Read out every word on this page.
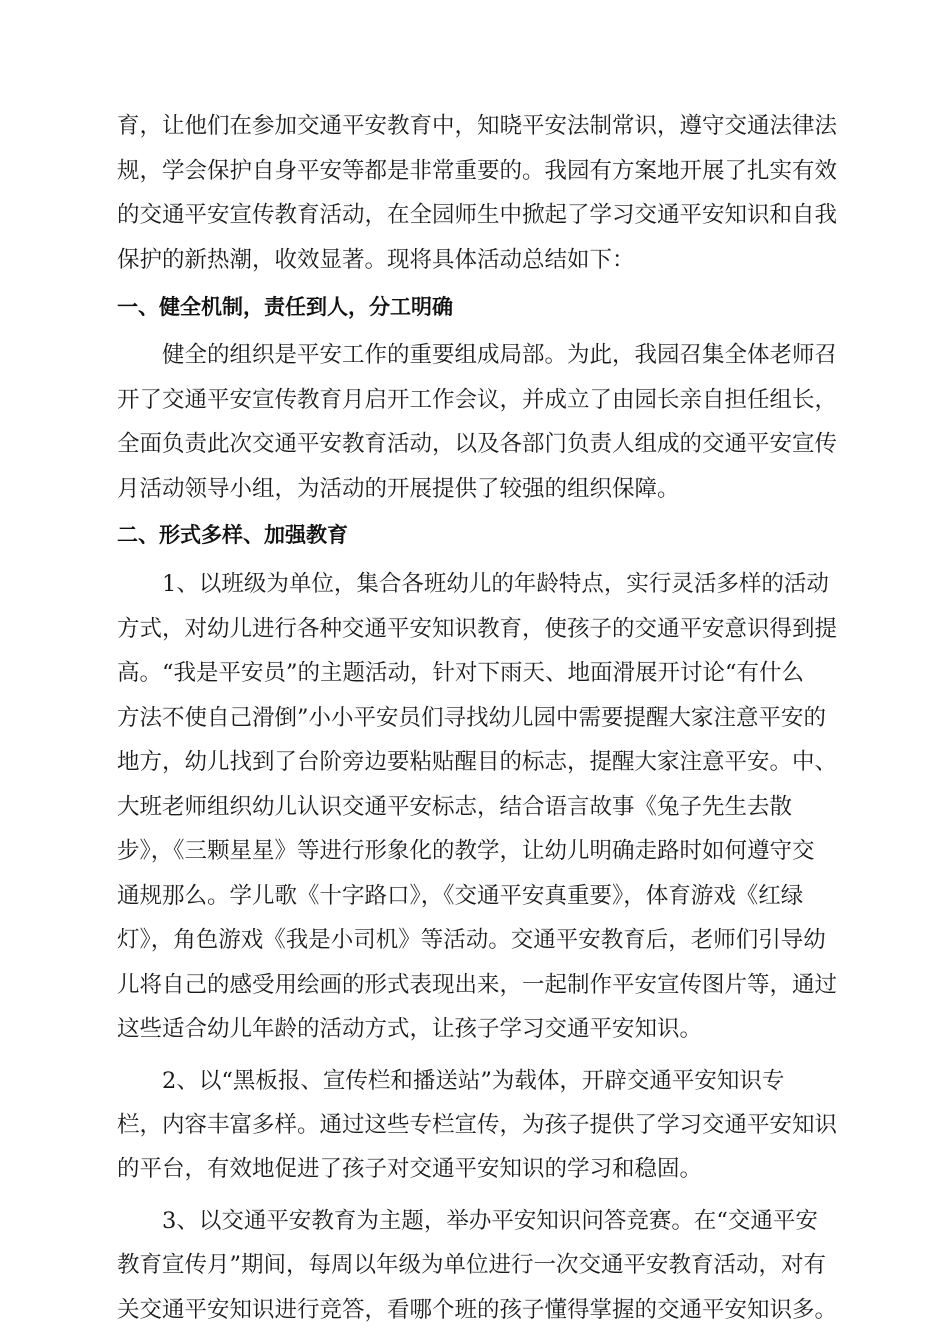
育，让他们在参加交通平安教育中，知晓平安法制常识，遵守交通法律法
规，学会保护自身平安等都是非常重要的。我园有方案地开展了扎实有效
的交通平安宣传教育活动，在全园师生中掀起了学习交通平安知识和自我
保护的新热潮，收效显著。现将具体活动总结如下：
一、健全机制，责任到人，分工明确
健全的组织是平安工作的重要组成局部。为此，我园召集全体老师召
开了交通平安宣传教育月启开工作会议，并成立了由园长亲自担任组长，
全面负责此次交通平安教育活动，以及各部门负责人组成的交通平安宣传
月活动领导小组，为活动的开展提供了较强的组织保障。
二、形式多样、加强教育
1、以班级为单位，集合各班幼儿的年龄特点，实行灵活多样的活动
方式，对幼儿进行各种交通平安知识教育，使孩子的交通平安意识得到提
高。“我是平安员”的主题活动，针对下雨天、地面滑展开讨论“有什么
方法不使自己滑倒”小小平安员们寻找幼儿园中需要提醒大家注意平安的
地方，幼儿找到了台阶旁边要粘贴醒目的标志，提醒大家注意平安。中、
大班老师组织幼儿认识交通平安标志，结合语言故事《兔子先生去散
步》，《三颗星星》等进行形象化的教学，让幼儿明确走路时如何遵守交
通规那么。学儿歌《十字路口》，《交通平安真重要》，体育游戏《红绿
灯》，角色游戏《我是小司机》等活动。交通平安教育后，老师们引导幼
儿将自己的感受用绘画的形式表现出来，一起制作平安宣传图片等，通过
这些适合幼儿年龄的活动方式，让孩子学习交通平安知识。
2、以“黑板报、宣传栏和播送站”为载体，开辟交通平安知识专
栏，内容丰富多样。通过这些专栏宣传，为孩子提供了学习交通平安知识
的平台，有效地促进了孩子对交通平安知识的学习和稳固。
3、以交通平安教育为主题，举办平安知识问答竞赛。在“交通平安
教育宣传月”期间，每周以年级为单位进行一次交通平安教育活动，对有
关交通平安知识进行竞答，看哪个班的孩子懂得掌握的交通平安知识多。
